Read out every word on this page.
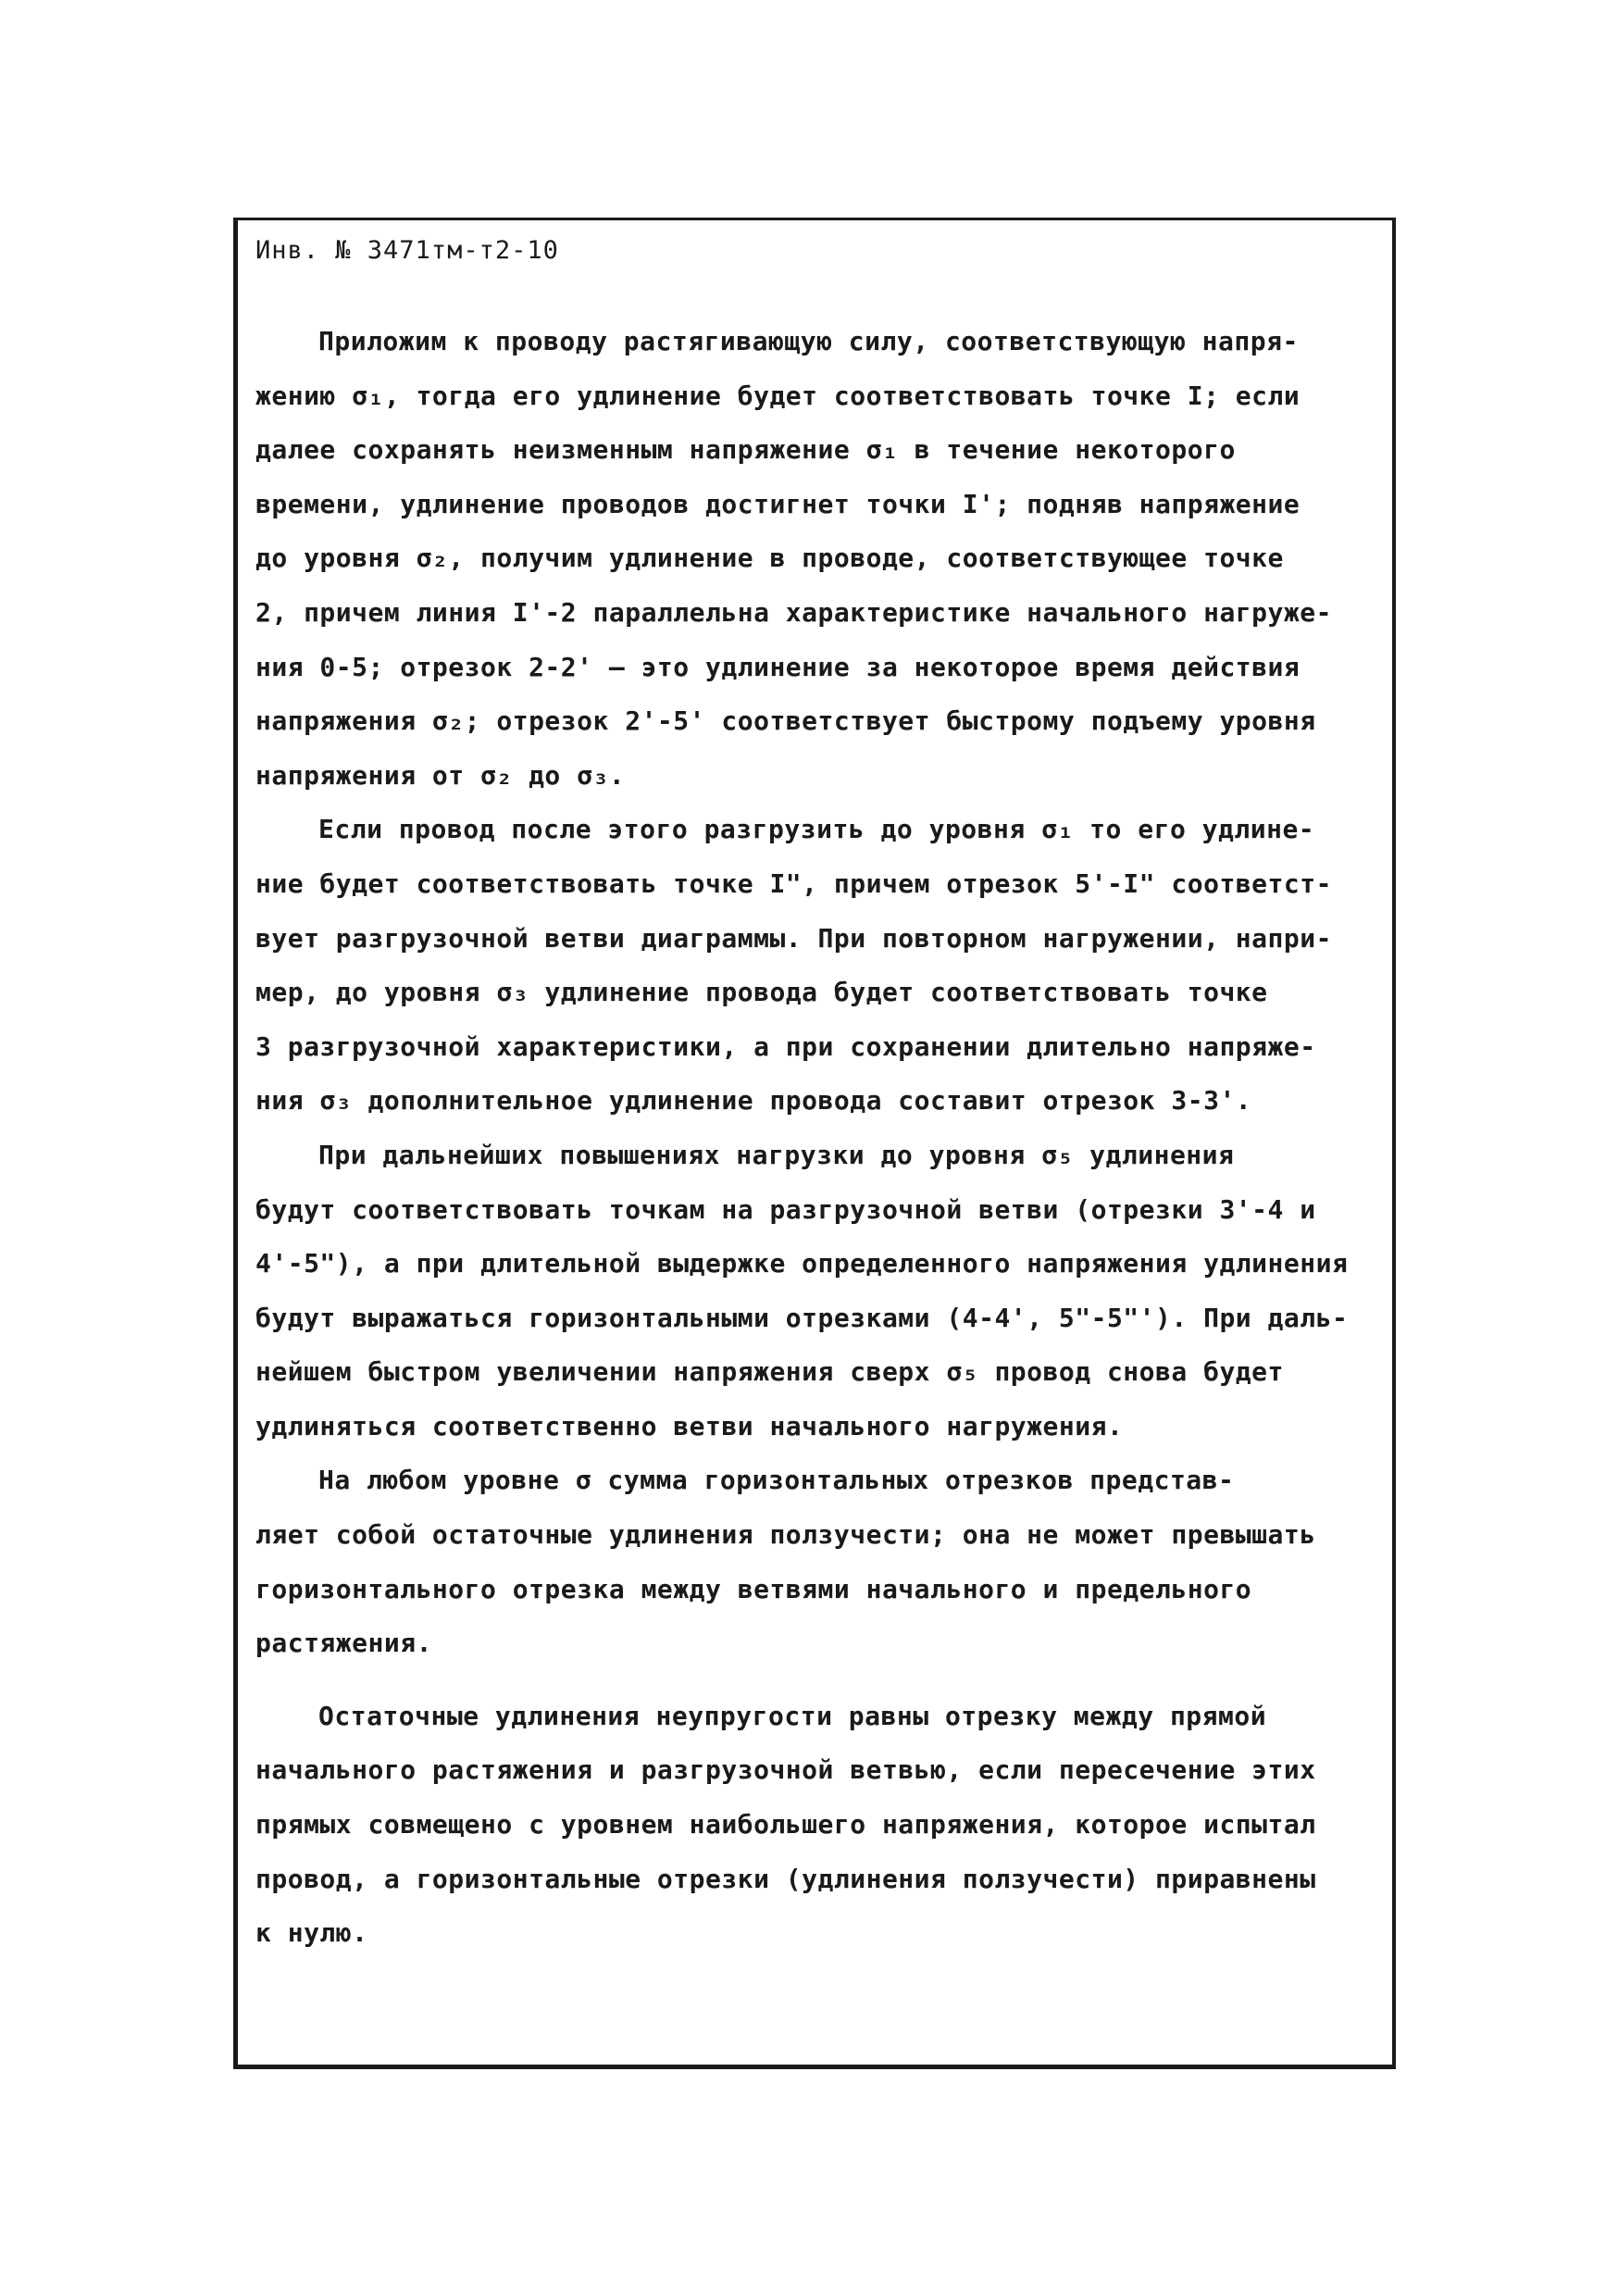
Инв. № 3471тм-т2-10

Приложим к проводу растягивающую силу, соответствующую напря-
жению σ₁, тогда его удлинение будет соответствовать точке I; если
далее сохранять неизменным напряжение σ₁ в течение некоторого
времени, удлинение проводов достигнет точки I'; подняв напряжение
до уровня σ₂, получим удлинение в проводе, соответствующее точке
2, причем линия I'-2 параллельна характеристике начального нагруже-
ния 0-5; отрезок 2-2' – это удлинение за некоторое время действия
напряжения σ₂; отрезок 2'-5' соответствует быстрому подъему уровня
напряжения от σ₂ до σ₃.

Если провод после этого разгрузить до уровня σ₁ то его удлине-
ние будет соответствовать точке I", причем отрезок 5'-I" соответст-
вует разгрузочной ветви диаграммы. При повторном нагружении, напри-
мер, до уровня σ₃ удлинение провода будет соответствовать точке
3 разгрузочной характеристики, а при сохранении длительно напряже-
ния σ₃ дополнительное удлинение провода составит отрезок 3-3'.

При дальнейших повышениях нагрузки до уровня σ₅ удлинения
будут соответствовать точкам на разгрузочной ветви (отрезки 3'-4 и
4'-5"), а при длительной выдержке определенного напряжения удлинения
будут выражаться горизонтальными отрезками (4-4', 5"-5"'). При даль-
нейшем быстром увеличении напряжения сверх σ₅ провод снова будет
удлиняться соответственно ветви начального нагружения.

На любом уровне σ сумма горизонтальных отрезков представ-
ляет собой остаточные удлинения ползучести; она не может превышать
горизонтального отрезка между ветвями начального и предельного
растяжения.

Остаточные удлинения неупругости равны отрезку между прямой
начального растяжения и разгрузочной ветвью, если пересечение этих
прямых совмещено с уровнем наибольшего напряжения, которое испытал
провод, а горизонтальные отрезки (удлинения ползучести) приравнены
к нулю.
